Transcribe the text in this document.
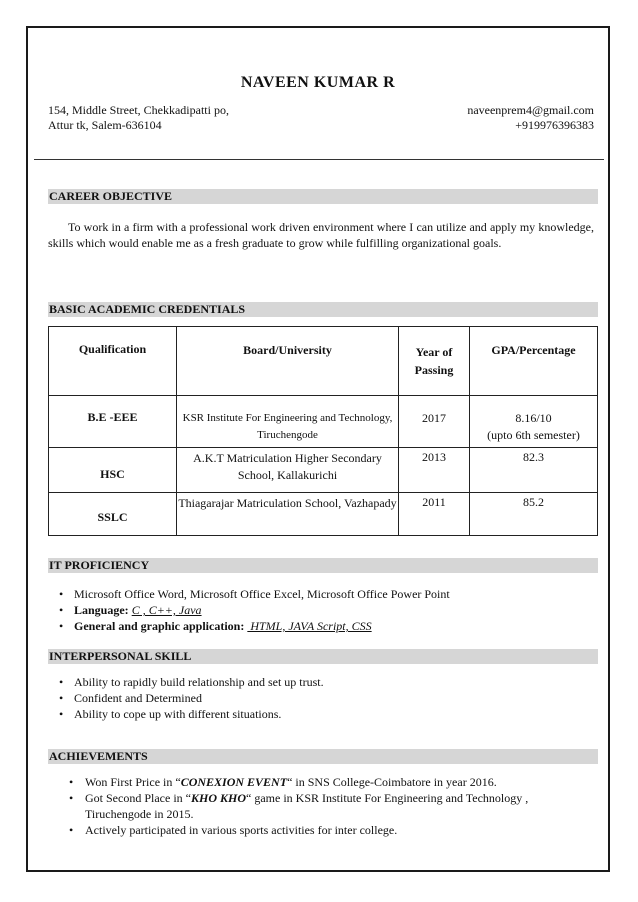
NAVEEN KUMAR R
154, Middle Street, Chekkadipatti po,
Attur tk, Salem-636104
naveenprem4@gmail.com
+919976396383
CAREER OBJECTIVE
To work in a firm with a professional work driven environment where I can utilize and apply my knowledge, skills which would enable me as a fresh graduate to grow while fulfilling organizational goals.
BASIC ACADEMIC CREDENTIALS
Qualification	Board/University	Year of Passing	GPA/Percentage
B.E -EEE	KSR Institute For Engineering and Technology, Tiruchengode	2017	8.16/10
(upto 6th semester)

HSC	A.K.T Matriculation Higher Secondary School, Kallakurichi	2013	82.3
SSLC	Thiagarajar Matriculation School, Vazhapady	2011	85.2
IT PROFICIENCY
• Microsoft Office Word, Microsoft Office Excel, Microsoft Office Power Point
• Language: C , C++, Java
• General and graphic application:  HTML, JAVA Script, CSS
INTERPERSONAL SKILL
• Ability to rapidly build relationship and set up trust.
• Confident and Determined
• Ability to cope up with different situations.
ACHIEVEMENTS
• Won First Price in “CONEXION EVENT“ in SNS College-Coimbatore in year 2016.
• Got Second Place in “KHO KHO“ game in KSR Institute For Engineering and Technology , Tiruchengode in 2015.
• Actively participated in various sports activities for inter college.
